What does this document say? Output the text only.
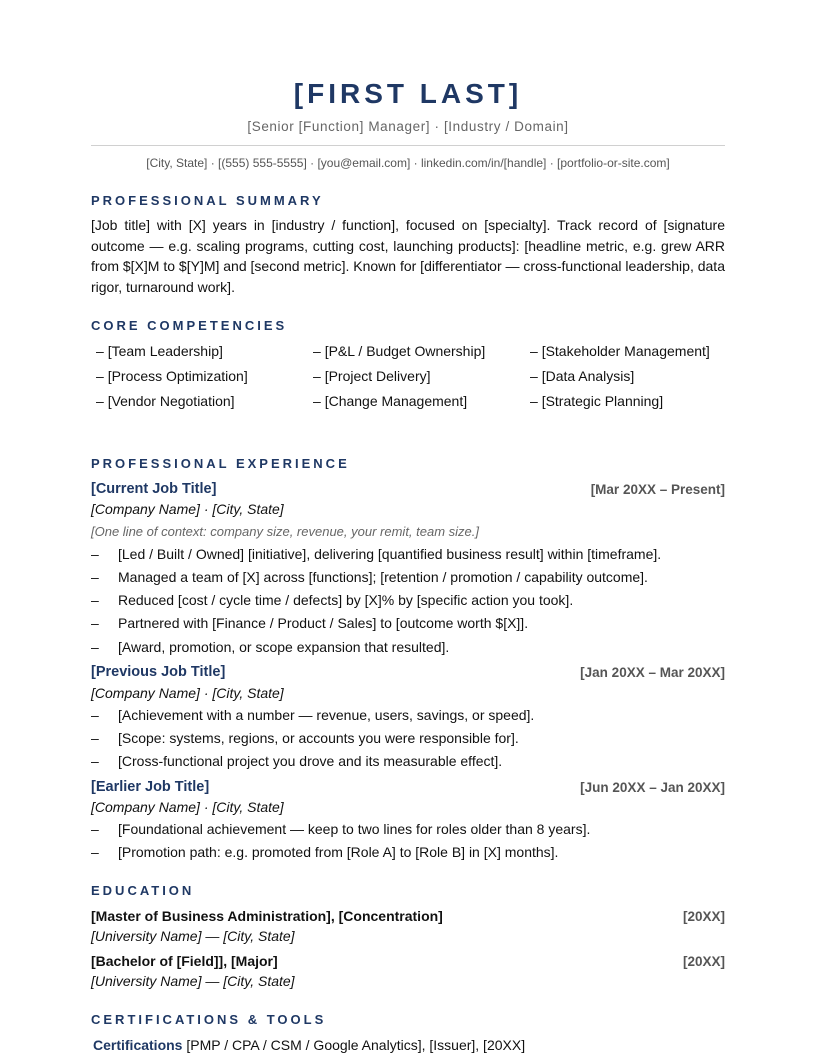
[FIRST LAST]
[Senior [Function] Manager] · [Industry / Domain]
[City, State] · [(555) 555-5555] · [you@email.com] · linkedin.com/in/[handle] · [portfolio-or-site.com]
PROFESSIONAL SUMMARY
[Job title] with [X] years in [industry / function], focused on [specialty]. Track record of [signature outcome — e.g. scaling programs, cutting cost, launching products]: [headline metric, e.g. grew ARR from $[X]M to $[Y]M] and [second metric]. Known for [differentiator — cross-functional leadership, data rigor, turnaround work].
CORE COMPETENCIES
– [Team Leadership]	– [P&L / Budget Ownership]	– [Stakeholder Management]
– [Process Optimization]	– [Project Delivery]	– [Data Analysis]
– [Vendor Negotiation]	– [Change Management]	– [Strategic Planning]
PROFESSIONAL EXPERIENCE
[Current Job Title]	[Mar 20XX – Present]
[Company Name] · [City, State]
[One line of context: company size, revenue, your remit, team size.]
– [Led / Built / Owned] [initiative], delivering [quantified business result] within [timeframe].
– Managed a team of [X] across [functions]; [retention / promotion / capability outcome].
– Reduced [cost / cycle time / defects] by [X]% by [specific action you took].
– Partnered with [Finance / Product / Sales] to [outcome worth $[X]].
– [Award, promotion, or scope expansion that resulted].
[Previous Job Title]	[Jan 20XX – Mar 20XX]
[Company Name] · [City, State]
– [Achievement with a number — revenue, users, savings, or speed].
– [Scope: systems, regions, or accounts you were responsible for].
– [Cross-functional project you drove and its measurable effect].
[Earlier Job Title]	[Jun 20XX – Jan 20XX]
[Company Name] · [City, State]
– [Foundational achievement — keep to two lines for roles older than 8 years].
– [Promotion path: e.g. promoted from [Role A] to [Role B] in [X] months].
EDUCATION
[Master of Business Administration], [Concentration]	[20XX]
[University Name] — [City, State]
[Bachelor of [Field]], [Major]	[20XX]
[University Name] — [City, State]
CERTIFICATIONS & TOOLS
Certifications [PMP / CPA / CSM / Google Analytics], [Issuer], [20XX]
